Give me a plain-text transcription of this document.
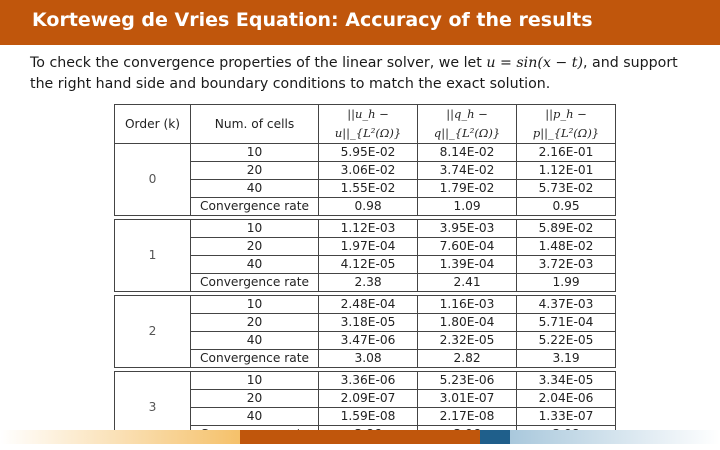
Korteweg de Vries Equation: Accuracy of the results
To check the convergence properties of the linear solver, we let u = sin(x − t), and support
the right hand side and boundary conditions to match the exact solution.
Order (k)	Num. of cells	||u_h − u||_{L²(Ω)}	||q_h − q||_{L²(Ω)}	||p_h − p||_{L²(Ω)}
0	10	5.95E-02	8.14E-02	2.16E-01
	20	3.06E-02	3.74E-02	1.12E-01
	40	1.55E-02	1.79E-02	5.73E-02
	Convergence rate	0.98	1.09	0.95

1	10	1.12E-03	3.95E-03	5.89E-02
	20	1.97E-04	7.60E-04	1.48E-02
	40	4.12E-05	1.39E-04	3.72E-03
	Convergence rate	2.38	2.41	1.99

2	10	2.48E-04	1.16E-03	4.37E-03
	20	3.18E-05	1.80E-04	5.71E-04
	40	3.47E-06	2.32E-05	5.22E-05
	Convergence rate	3.08	2.82	3.19

3	10	3.36E-06	5.23E-06	3.34E-05
	20	2.09E-07	3.01E-07	2.04E-06
	40	1.59E-08	2.17E-08	1.33E-07
